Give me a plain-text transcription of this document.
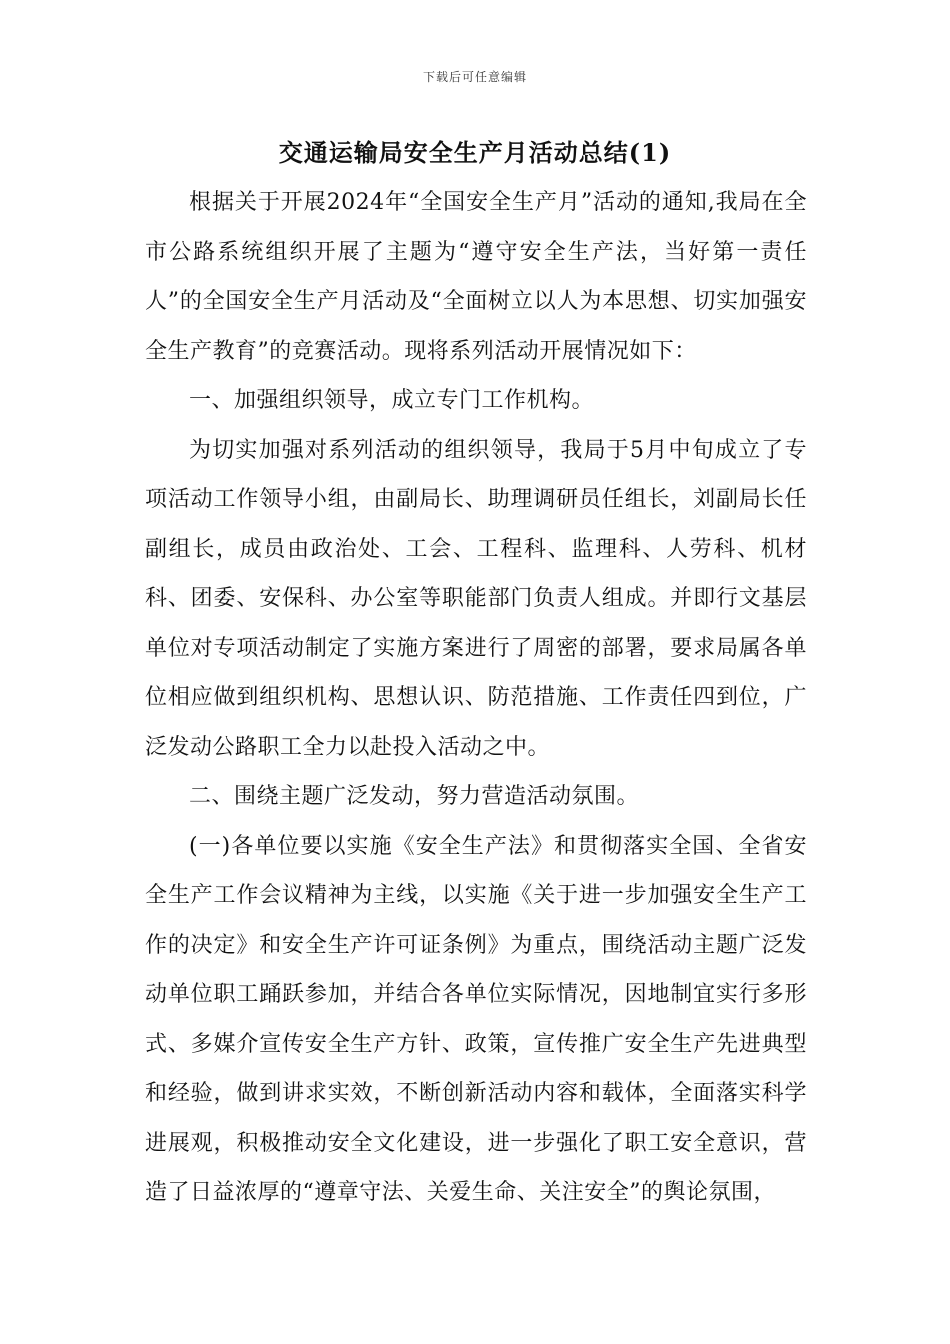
下载后可任意编辑
交通运输局安全生产月活动总结(1)

根据关于开展2024年“全国安全生产月”活动的通知,我局在全市公路系统组织开展了主题为“遵守安全生产法，当好第一责任人”的全国安全生产月活动及“全面树立以人为本思想、切实加强安全生产教育”的竞赛活动。现将系列活动开展情况如下：

一、加强组织领导，成立专门工作机构。

为切实加强对系列活动的组织领导，我局于5月中旬成立了专项活动工作领导小组，由副局长、助理调研员任组长，刘副局长任副组长，成员由政治处、工会、工程科、监理科、人劳科、机材科、团委、安保科、办公室等职能部门负责人组成。并即行文基层单位对专项活动制定了实施方案进行了周密的部署，要求局属各单位相应做到组织机构、思想认识、防范措施、工作责任四到位，广泛发动公路职工全力以赴投入活动之中。

二、围绕主题广泛发动，努力营造活动氛围。

(一)各单位要以实施《安全生产法》和贯彻落实全国、全省安全生产工作会议精神为主线，以实施《关于进一步加强安全生产工作的决定》和安全生产许可证条例》为重点，围绕活动主题广泛发动单位职工踊跃参加，并结合各单位实际情况，因地制宜实行多形式、多媒介宣传安全生产方针、政策，宣传推广安全生产先进典型和经验，做到讲求实效，不断创新活动内容和载体，全面落实科学进展观，积极推动安全文化建设，进一步强化了职工安全意识，营造了日益浓厚的“遵章守法、关爱生命、关注安全”的舆论氛围，
